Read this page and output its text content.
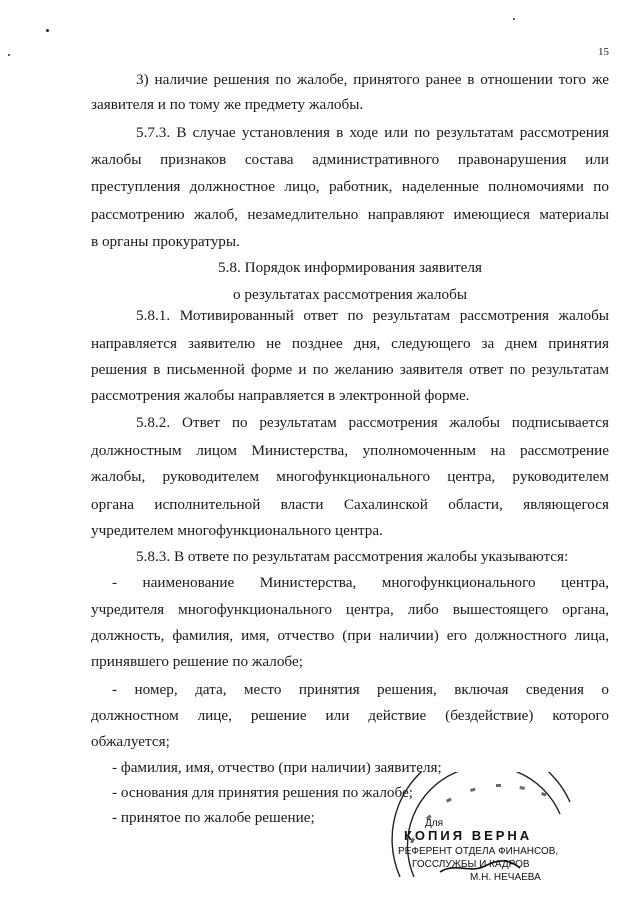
15
3) наличие решения по жалобе, принятого ранее в отношении того же
заявителя и по тому же предмету жалобы.
5.7.3. В случае установления в ходе или по результатам рассмотрения
жалобы признаков состава административного правонарушения или
преступления должностное лицо, работник, наделенные полномочиями по
рассмотрению жалоб, незамедлительно направляют имеющиеся материалы
в органы прокуратуры.
5.8. Порядок информирования заявителя
о результатах рассмотрения жалобы
5.8.1. Мотивированный ответ по результатам рассмотрения жалобы
направляется заявителю не позднее дня, следующего за днем принятия
решения в письменной форме и по желанию заявителя ответ по результатам
рассмотрения жалобы направляется в электронной форме.
5.8.2. Ответ по результатам рассмотрения жалобы подписывается
должностным лицом Министерства, уполномоченным на рассмотрение
жалобы, руководителем многофункционального центра, руководителем
органа исполнительной власти Сахалинской области, являющегося
учредителем многофункционального центра.
5.8.3. В ответе по результатам рассмотрения жалобы указываются:
- наименование Министерства, многофункционального центра,
учредителя многофункционального центра, либо вышестоящего органа,
должность, фамилия, имя, отчество (при наличии) его должностного лица,
принявшего решение по жалобе;
- номер, дата, место принятия решения, включая сведения о
должностном лице, решение или действие (бездействие) которого
обжалуется;
- фамилия, имя, отчество (при наличии) заявителя;
- основания для принятия решения по жалобе;
- принятое по жалобе решение;	Для
КОПИЯ ВЕРНА
РЕФЕРЕНТ ОТДЕЛА ФИНАНСОВ,
ГОССЛУЖБЫ И КАДРОВ
М.Н. НЕЧАЕВА
